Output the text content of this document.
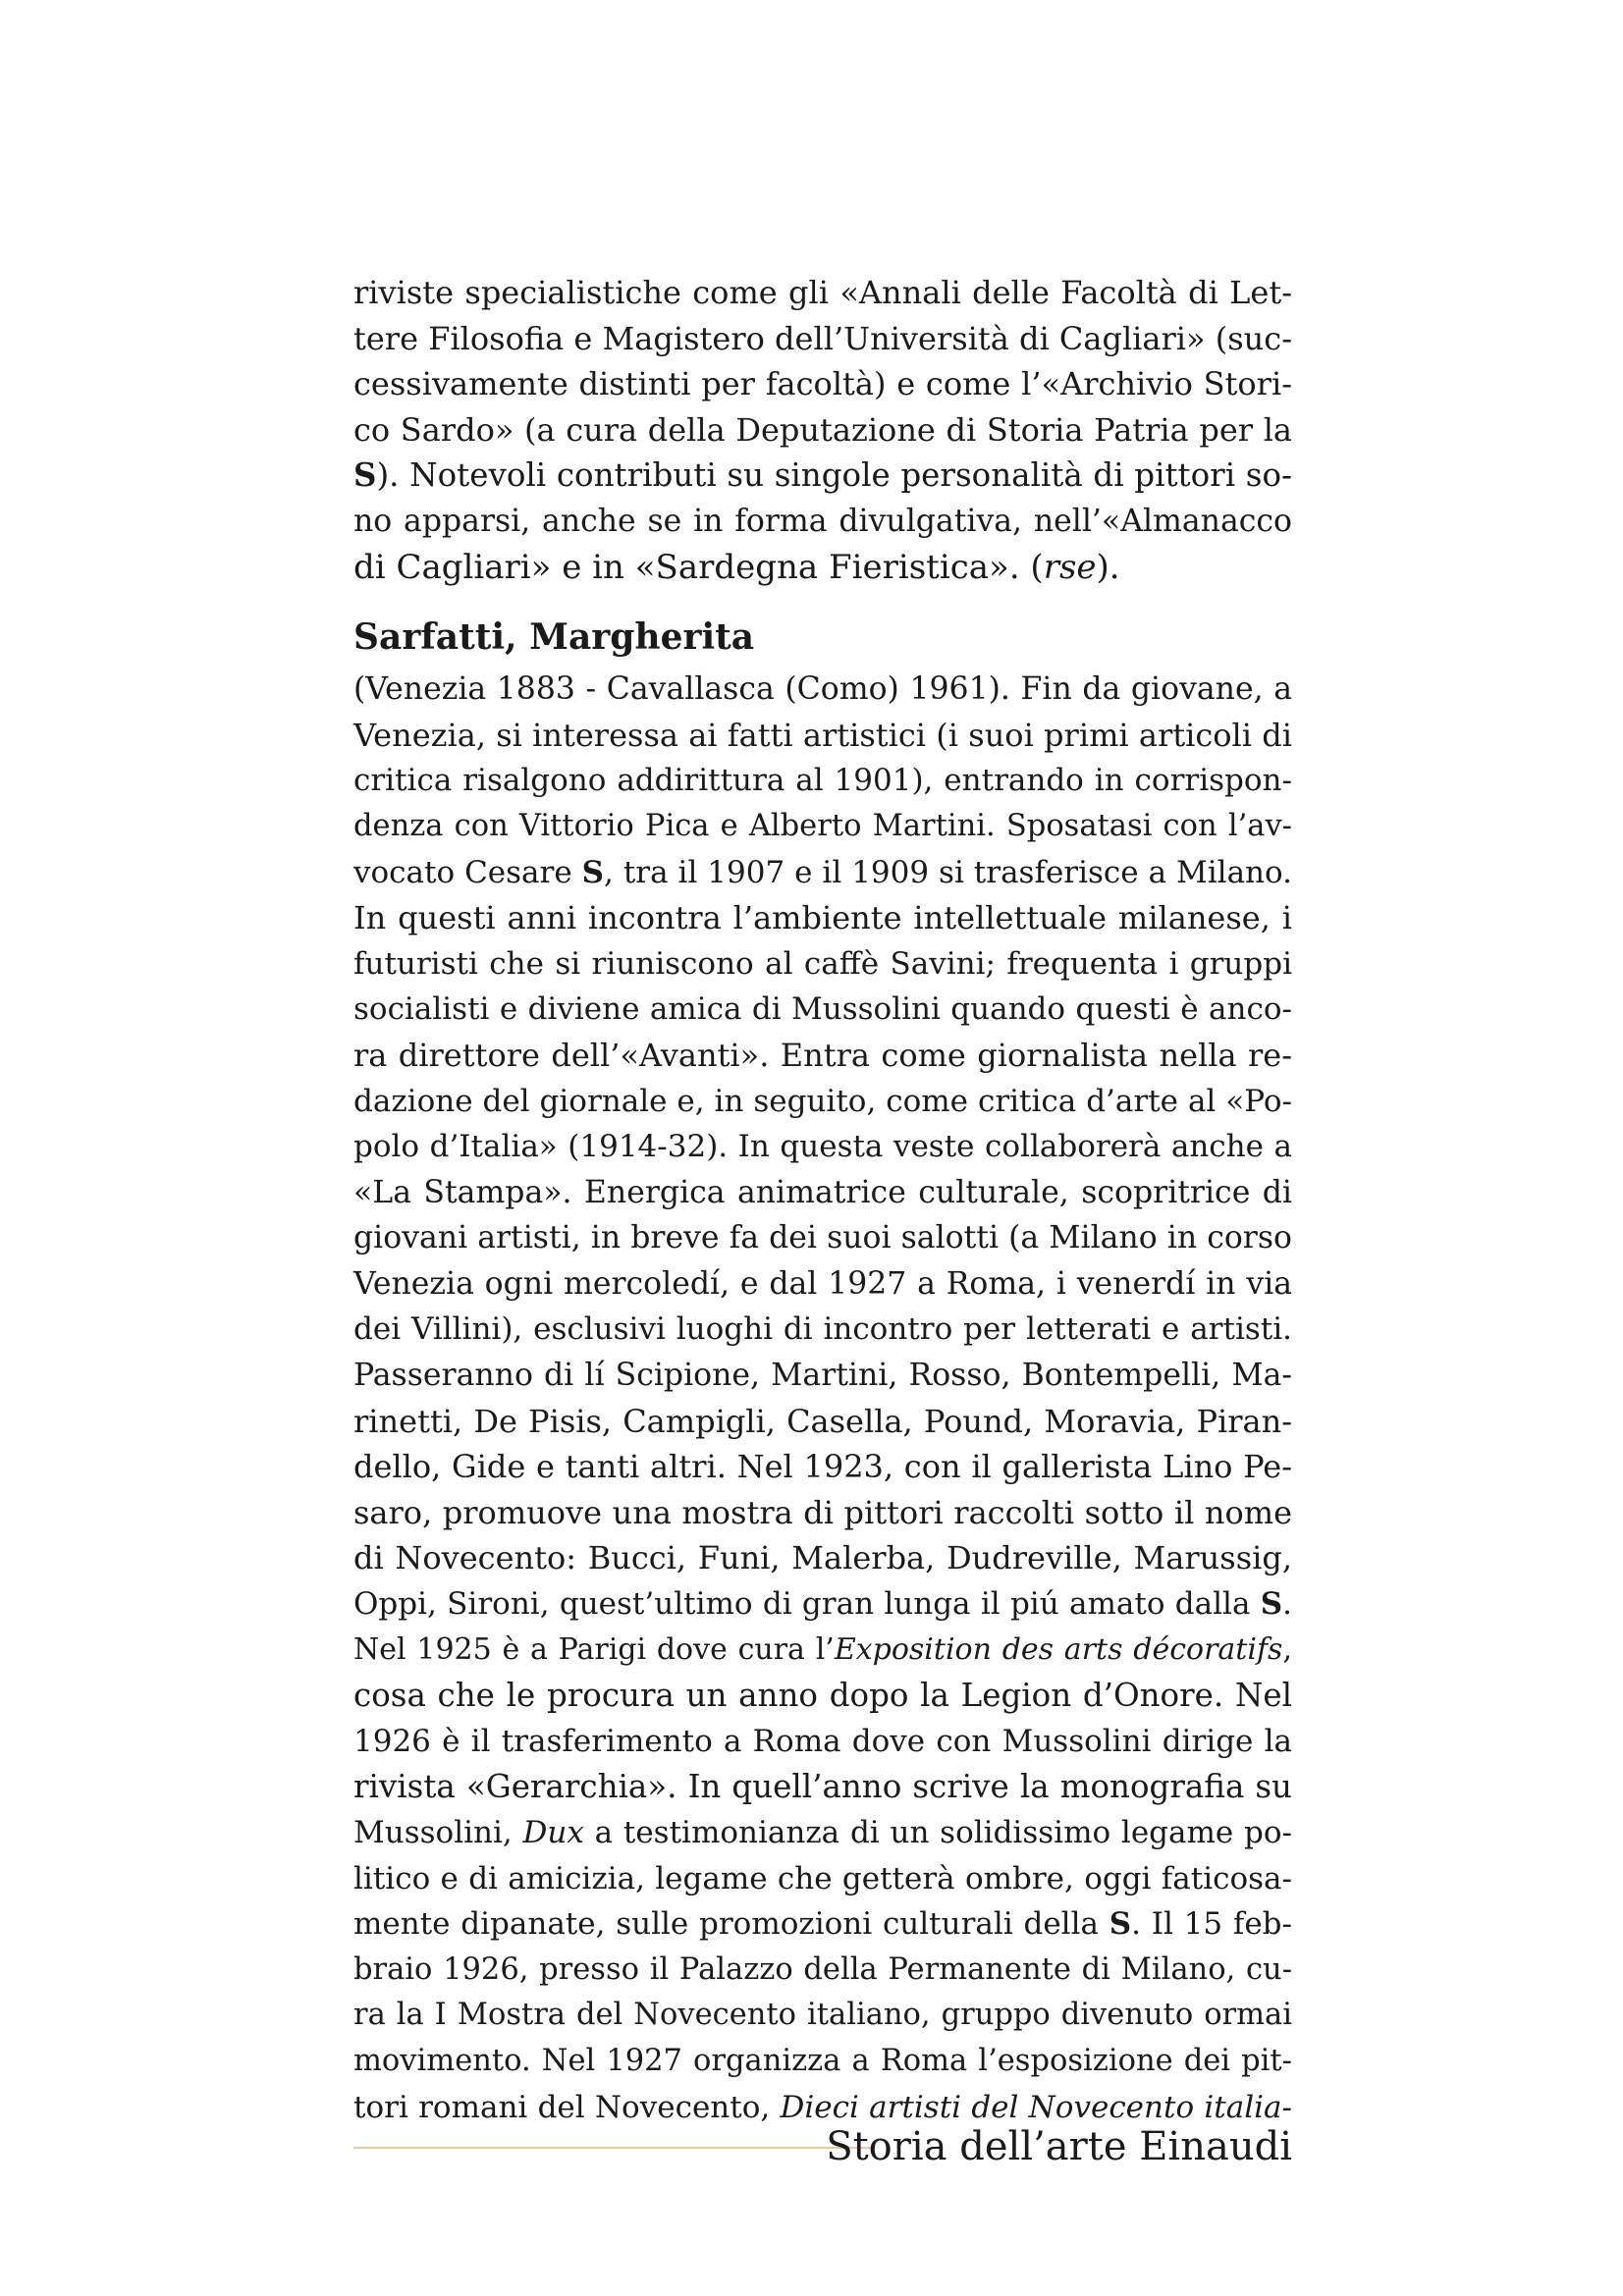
riviste specialistiche come gli «Annali delle Facoltà di Let-
tere Filosofia e Magistero dell’Università di Cagliari» (suc-
cessivamente distinti per facoltà) e come l’«Archivio Stori-
co Sardo» (a cura della Deputazione di Storia Patria per la
S). Notevoli contributi su singole personalità di pittori so-
no apparsi, anche se in forma divulgativa, nell’«Almanacco
di Cagliari» e in «Sardegna Fieristica». (rse).
Sarfatti, Margherita
(Venezia 1883 - Cavallasca (Como) 1961). Fin da giovane, a
Venezia, si interessa ai fatti artistici (i suoi primi articoli di
critica risalgono addirittura al 1901), entrando in corrispon-
denza con Vittorio Pica e Alberto Martini. Sposatasi con l’av-
vocato Cesare S, tra il 1907 e il 1909 si trasferisce a Milano.
In questi anni incontra l’ambiente intellettuale milanese, i
futuristi che si riuniscono al caffè Savini; frequenta i gruppi
socialisti e diviene amica di Mussolini quando questi è anco-
ra direttore dell’«Avanti». Entra come giornalista nella re-
dazione del giornale e, in seguito, come critica d’arte al «Po-
polo d’Italia» (1914-32). In questa veste collaborerà anche a
«La Stampa». Energica animatrice culturale, scopritrice di
giovani artisti, in breve fa dei suoi salotti (a Milano in corso
Venezia ogni mercoledí, e dal 1927 a Roma, i venerdí in via
dei Villini), esclusivi luoghi di incontro per letterati e artisti.
Passeranno di lí Scipione, Martini, Rosso, Bontempelli, Ma-
rinetti, De Pisis, Campigli, Casella, Pound, Moravia, Piran-
dello, Gide e tanti altri. Nel 1923, con il gallerista Lino Pe-
saro, promuove una mostra di pittori raccolti sotto il nome
di Novecento: Bucci, Funi, Malerba, Dudreville, Marussig,
Oppi, Sironi, quest’ultimo di gran lunga il piú amato dalla S.
Nel 1925 è a Parigi dove cura l’Exposition des arts décoratifs,
cosa che le procura un anno dopo la Legion d’Onore. Nel
1926 è il trasferimento a Roma dove con Mussolini dirige la
rivista «Gerarchia». In quell’anno scrive la monografia su
Mussolini, Dux a testimonianza di un solidissimo legame po-
litico e di amicizia, legame che getterà ombre, oggi faticosa-
mente dipanate, sulle promozioni culturali della S. Il 15 feb-
braio 1926, presso il Palazzo della Permanente di Milano, cu-
ra la I Mostra del Novecento italiano, gruppo divenuto ormai
movimento. Nel 1927 organizza a Roma l’esposizione dei pit-
tori romani del Novecento, Dieci artisti del Novecento italia-
Storia dell’arte Einaudi
